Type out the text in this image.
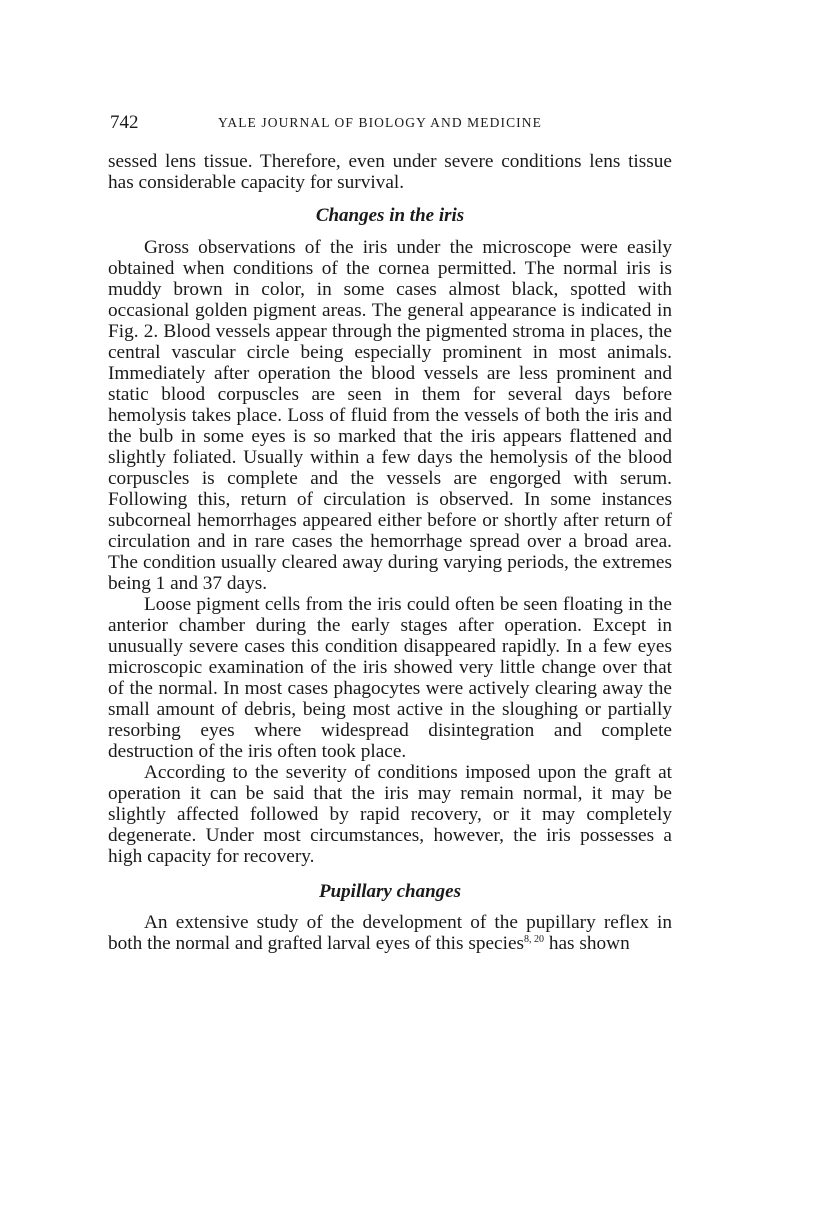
742	YALE JOURNAL OF BIOLOGY AND MEDICINE

sessed lens tissue. Therefore, even under severe conditions lens tissue has considerable capacity for survival.

Changes in the iris

Gross observations of the iris under the microscope were easily obtained when conditions of the cornea permitted. The normal iris is muddy brown in color, in some cases almost black, spotted with occasional golden pigment areas. The general appearance is indicated in Fig. 2. Blood vessels appear through the pigmented stroma in places, the central vascular circle being especially prominent in most animals. Immediately after operation the blood vessels are less prominent and static blood corpuscles are seen in them for several days before hemolysis takes place. Loss of fluid from the vessels of both the iris and the bulb in some eyes is so marked that the iris appears flattened and slightly foliated. Usually within a few days the hemolysis of the blood corpuscles is complete and the vessels are engorged with serum. Following this, return of circulation is observed. In some instances subcorneal hemorrhages appeared either before or shortly after return of circulation and in rare cases the hemorrhage spread over a broad area. The condition usually cleared away during varying periods, the extremes being 1 and 37 days.

Loose pigment cells from the iris could often be seen floating in the anterior chamber during the early stages after operation. Except in unusually severe cases this condition disappeared rapidly. In a few eyes microscopic examination of the iris showed very little change over that of the normal. In most cases phagocytes were actively clearing away the small amount of debris, being most active in the sloughing or partially resorbing eyes where widespread disintegration and complete destruction of the iris often took place.

According to the severity of conditions imposed upon the graft at operation it can be said that the iris may remain normal, it may be slightly affected followed by rapid recovery, or it may completely degenerate. Under most circumstances, however, the iris possesses a high capacity for recovery.

Pupillary changes

An extensive study of the development of the pupillary reflex in both the normal and grafted larval eyes of this species$^{8, 20}$ has shown
